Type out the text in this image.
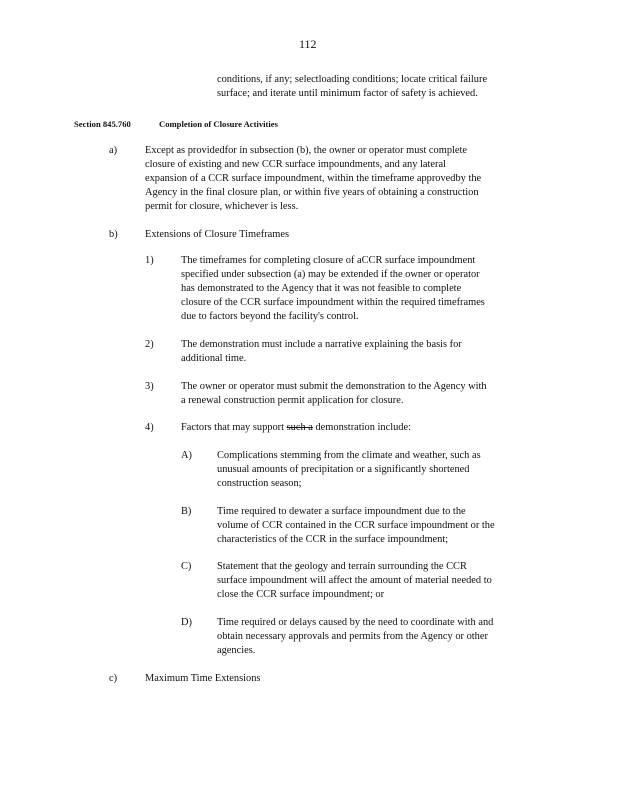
112
conditions, if any; selectloading conditions; locate critical failure
surface; and iterate until minimum factor of safety is achieved.
Section 845.760	Completion of Closure Activities
a)	Except as providedfor in subsection (b), the owner or operator must complete
closure of existing and new CCR surface impoundments, and any lateral
expansion of a CCR surface impoundment, within the timeframe approvedby the
Agency in the final closure plan, or within five years of obtaining a construction
permit for closure, whichever is less.
b)	Extensions of Closure Timeframes
1)	The timeframes for completing closure of aCCR surface impoundment
specified under subsection (a) may be extended if the owner or operator
has demonstrated to the Agency that it was not feasible to complete
closure of the CCR surface impoundment within the required timeframes
due to factors beyond the facility's control.
2)	The demonstration must include a narrative explaining the basis for
additional time.
3)	The owner or operator must submit the demonstration to the Agency with
a renewal construction permit application for closure.
4)	Factors that may support such a demonstration include:
A) Complications stemming from the climate and weather, such as
unusual amounts of precipitation or a significantly shortened
construction season;
B) Time required to dewater a surface impoundment due to the
volume of CCR contained in the CCR surface impoundment or the
characteristics of the CCR in the surface impoundment;
C) Statement that the geology and terrain surrounding the CCR
surface impoundment will affect the amount of material needed to
close the CCR surface impoundment; or
D) Time required or delays caused by the need to coordinate with and
obtain necessary approvals and permits from the Agency or other
agencies.
c)	Maximum Time Extensions
